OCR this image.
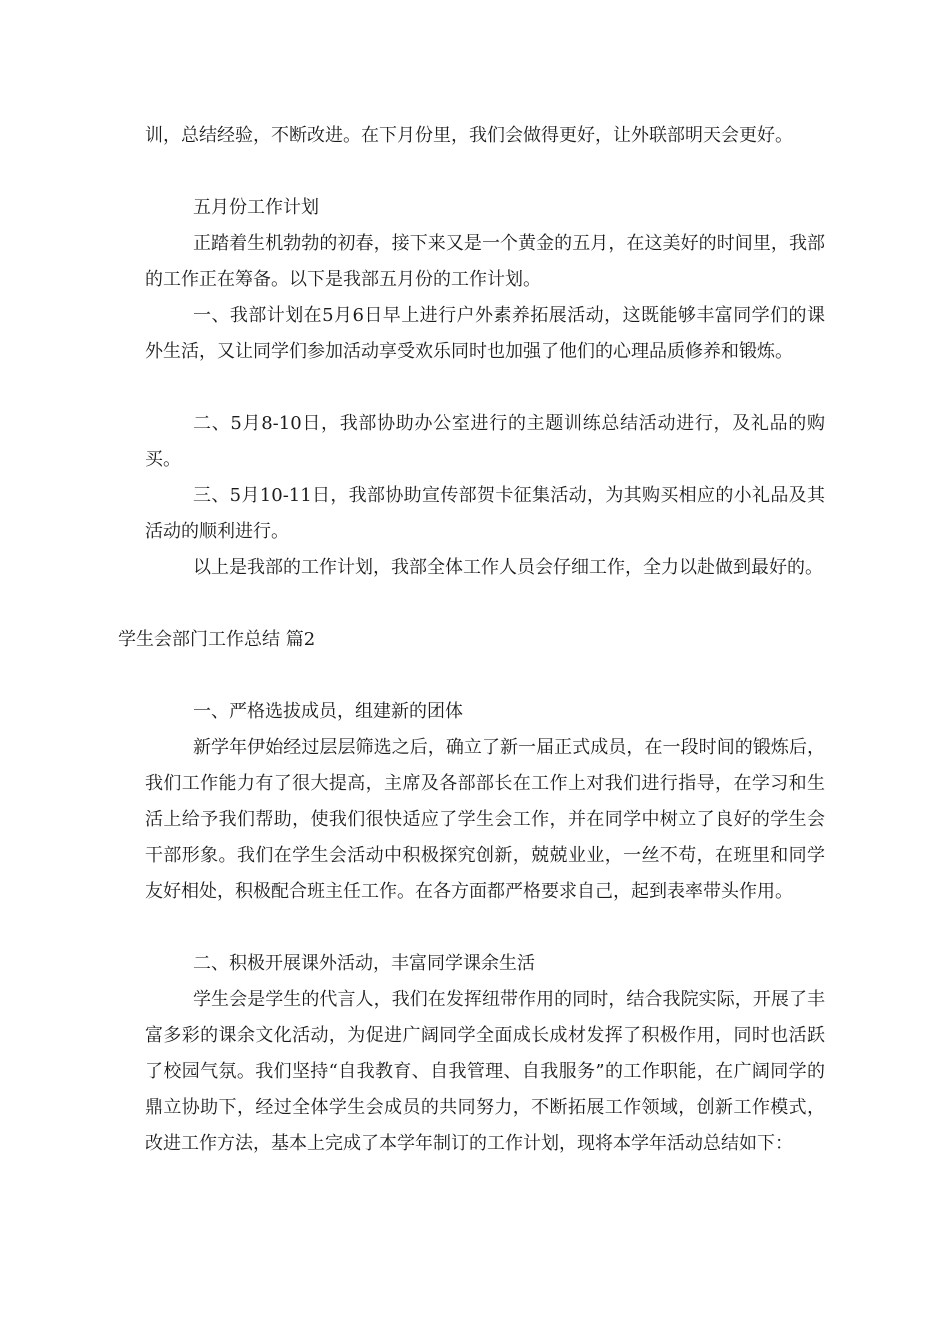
训，总结经验，不断改进。在下月份里，我们会做得更好，让外联部明天会更好。

五月份工作计划

正踏着生机勃勃的初春，接下来又是一个黄金的五月，在这美好的时间里，我部的工作正在筹备。以下是我部五月份的工作计划。

一、我部计划在5月6日早上进行户外素养拓展活动，这既能够丰富同学们的课外生活，又让同学们参加活动享受欢乐同时也加强了他们的心理品质修养和锻炼。

二、5月8-10日，我部协助办公室进行的主题训练总结活动进行，及礼品的购买。

三、5月10-11日，我部协助宣传部贺卡征集活动，为其购买相应的小礼品及其活动的顺利进行。

以上是我部的工作计划，我部全体工作人员会仔细工作，全力以赴做到最好的。

学生会部门工作总结 篇2

一、严格选拔成员，组建新的团体

新学年伊始经过层层筛选之后，确立了新一届正式成员，在一段时间的锻炼后，我们工作能力有了很大提高，主席及各部部长在工作上对我们进行指导，在学习和生活上给予我们帮助，使我们很快适应了学生会工作，并在同学中树立了良好的学生会干部形象。我们在学生会活动中积极探究创新，兢兢业业，一丝不苟，在班里和同学友好相处，积极配合班主任工作。在各方面都严格要求自己，起到表率带头作用。

二、积极开展课外活动，丰富同学课余生活

学生会是学生的代言人，我们在发挥纽带作用的同时，结合我院实际，开展了丰富多彩的课余文化活动，为促进广阔同学全面成长成材发挥了积极作用，同时也活跃了校园气氛。我们坚持“自我教育、自我管理、自我服务”的工作职能，在广阔同学的鼎立协助下，经过全体学生会成员的共同努力，不断拓展工作领域，创新工作模式，改进工作方法，基本上完成了本学年制订的工作计划，现将本学年活动总结如下：
